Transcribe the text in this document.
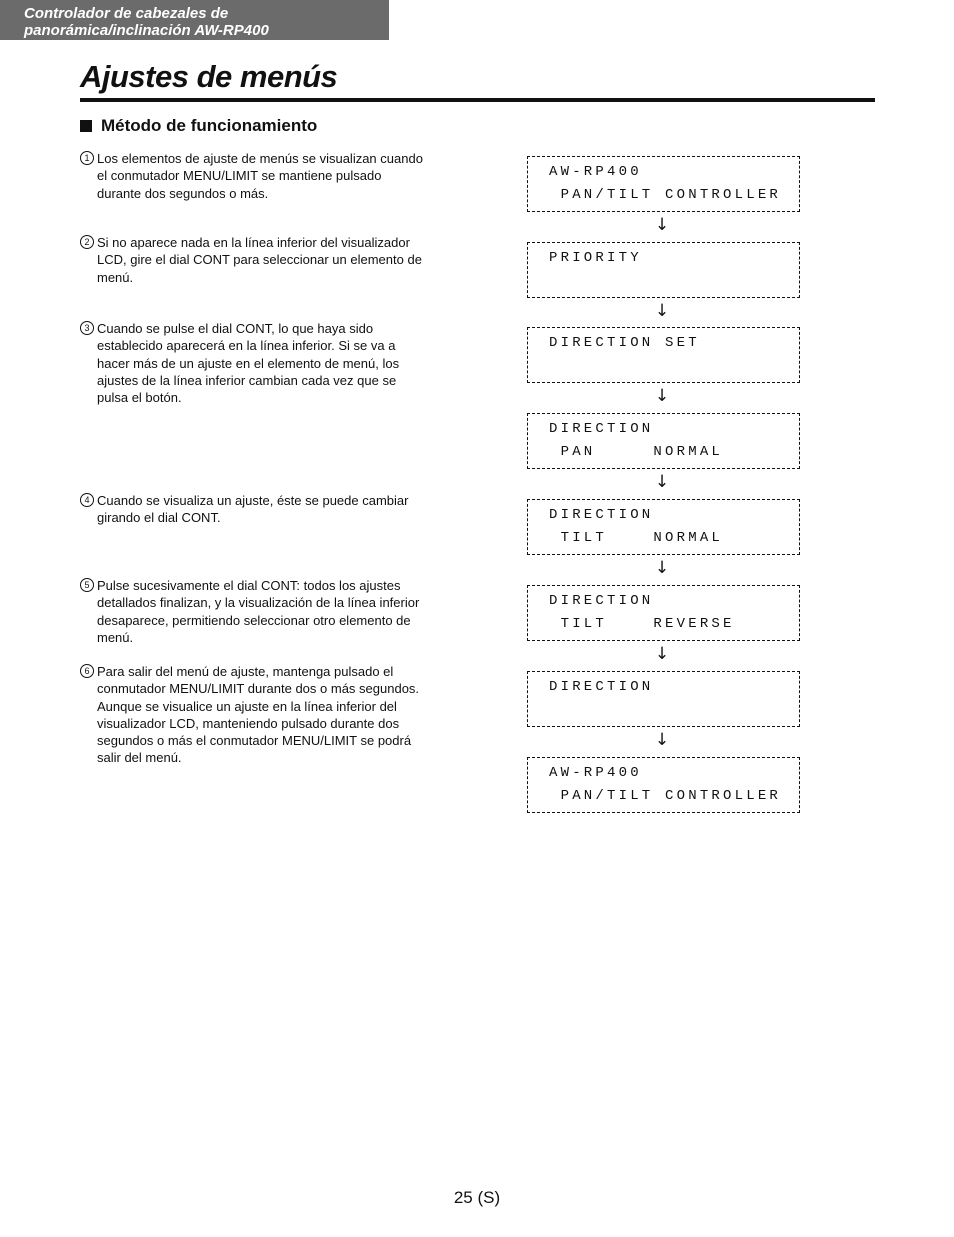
Controlador de cabezales de
panorámica/inclinación AW-RP400
Ajustes de menús
Método de funcionamiento
1 Los elementos de ajuste de menús se visualizan cuando
el conmutador MENU/LIMIT se mantiene pulsado
durante dos segundos o más.
2 Si no aparece nada en la línea inferior del visualizador
LCD, gire el dial CONT para seleccionar un elemento de
menú.
3 Cuando se pulse el dial CONT, lo que haya sido
establecido aparecerá en la línea inferior. Si se va a
hacer más de un ajuste en el elemento de menú, los
ajustes de la línea inferior cambian cada vez que se
pulsa el botón.
4 Cuando se visualiza un ajuste, éste se puede cambiar
girando el dial CONT.
5 Pulse sucesivamente el dial CONT: todos los ajustes
detallados finalizan, y la visualización de la línea inferior
desaparece, permitiendo seleccionar otro elemento de
menú.
6 Para salir del menú de ajuste, mantenga pulsado el
conmutador MENU/LIMIT durante dos o más segundos.
Aunque se visualice un ajuste en la línea inferior del
visualizador LCD, manteniendo pulsado durante dos
segundos o más el conmutador MENU/LIMIT se podrá
salir del menú.

AW-RP400

PAN/TILT CONTROLLER

↓

PRIORITY

↓

DIRECTION SET

↓

DIRECTION

PAN     NORMAL

↓

DIRECTION

TILT    NORMAL

↓

DIRECTION

TILT    REVERSE

↓

DIRECTION

↓

AW-RP400

PAN/TILT CONTROLLER

25 (S)
